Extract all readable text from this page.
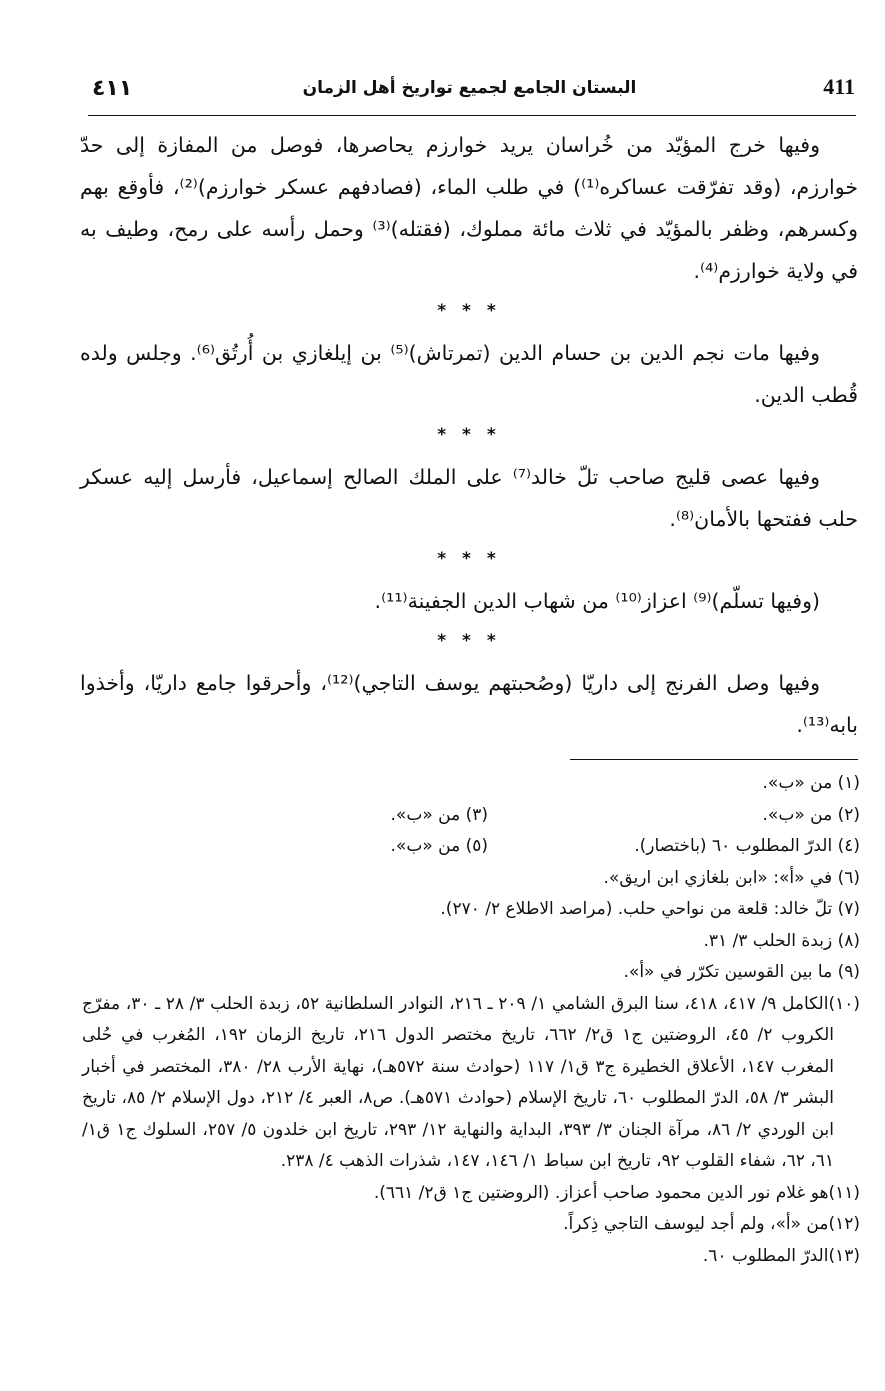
٤١١	البستان الجامع لجميع تواريخ أهل الزمان	411

وفيها خرج المؤيّد من خُراسان يريد خوارزم يحاصرها، فوصل من المفازة إلى حدّ خوارزم، (وقد تفرّقت عساكره⁽¹⁾) في طلب الماء، (فصادفهم عسكر خوارزم)⁽²⁾، فأوقع بهم وكسرهم، وظفر بالمؤيّد في ثلاث مائة مملوك، (فقتله)⁽³⁾ وحمل رأسه على رمح، وطيف به في ولاية خوارزم⁽⁴⁾.

* * *

وفيها مات نجم الدين بن حسام الدين (تمرتاش)⁽⁵⁾ بن إيلغازي بن أُرتُق⁽⁶⁾. وجلس ولده قُطب الدين.

* * *

وفيها عصى قليج صاحب تلّ خالد⁽⁷⁾ على الملك الصالح إسماعيل، فأرسل إليه عسكر حلب ففتحها بالأمان⁽⁸⁾.

* * *

(وفيها تسلّم)⁽⁹⁾ اعزاز⁽¹⁰⁾ من شهاب الدين الجفينة⁽¹¹⁾.

* * *

وفيها وصل الفرنج إلى داريّا (وصُحبتهم يوسف التاجي)⁽¹²⁾، وأحرقوا جامع داريّا، وأخذوا بابه⁽¹³⁾.

(١) من «ب».
(٢) من «ب».
(٣) من «ب».
(٤) الدرّ المطلوب ٦٠ (باختصار).
(٥) من «ب».
(٦) في «أ»: «ابن بلغازي ابن اريق».
(٧) تلّ خالد: قلعة من نواحي حلب. (مراصد الاطلاع ٢/ ٢٧٠).
(٨) زبدة الحلب ٣/ ٣١.
(٩) ما بين القوسين تكرّر في «أ».
(١٠)الكامل ٩/ ٤١٧، ٤١٨، سنا البرق الشامي ١/ ٢٠٩ ـ ٢١٦، النوادر السلطانية ٥٢، زبدة الحلب ٣/ ٢٨ ـ ٣٠، مفرّج الكروب ٢/ ٤٥، الروضتين ج١ ق٢/ ٦٦٢، تاريخ مختصر الدول ٢١٦، تاريخ الزمان ١٩٢، المُغرب في حُلى المغرب ١٤٧، الأعلاق الخطيرة ج٣ ق١/ ١١٧ (حوادث سنة ٥٧٢هـ)، نهاية الأرب ٢٨/ ٣٨٠، المختصر في أخبار البشر ٣/ ٥٨، الدرّ المطلوب ٦٠، تاريخ الإسلام (حوادث ٥٧١هـ). ص٨، العبر ٤/ ٢١٢، دول الإسلام ٢/ ٨٥، تاريخ ابن الوردي ٢/ ٨٦، مرآة الجنان ٣/ ٣٩٣، البداية والنهاية ١٢/ ٢٩٣، تاريخ ابن خلدون ٥/ ٢٥٧، السلوك ج١ ق١/ ٦١، ٦٢، شفاء القلوب ٩٢، تاريخ ابن سباط ١/ ١٤٦، ١٤٧، شذرات الذهب ٤/ ٢٣٨.
(١١)هو غلام نور الدين محمود صاحب أعزاز. (الروضتين ج١ ق٢/ ٦٦١).
(١٢)من «أ»، ولم أجد ليوسف التاجي ذِكراً.
(١٣)الدرّ المطلوب ٦٠.
